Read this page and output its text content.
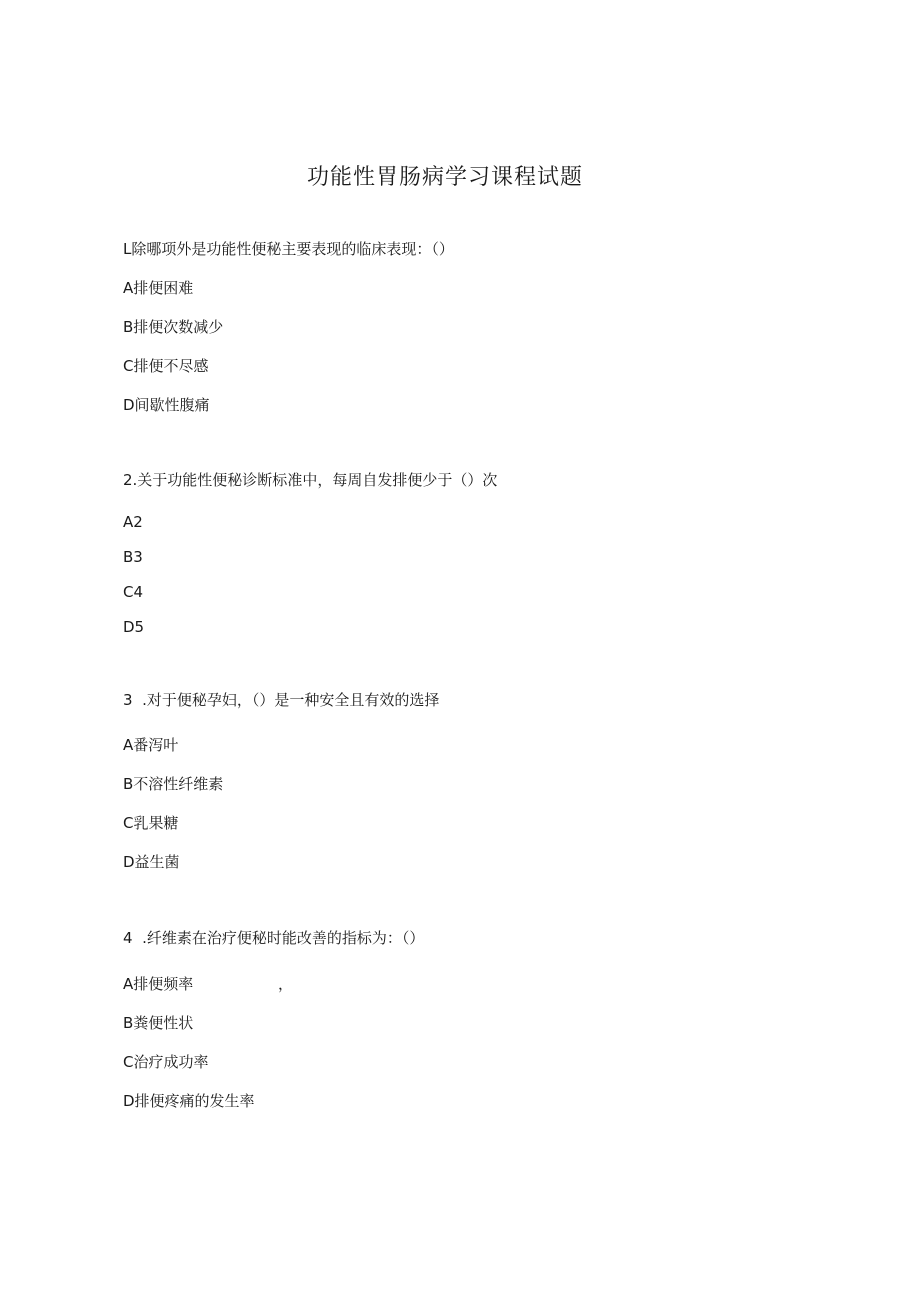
功能性胃肠病学习课程试题
L除哪项外是功能性便秘主要表现的临床表现：（）
A排便困难
B排便次数减少
C排便不尽感
D间歇性腹痛
2.关于功能性便秘诊断标准中，每周自发排便少于（）次
A2
B3
C4
D5
3  .对于便秘孕妇，（）是一种安全且有效的选择
A番泻叶
B不溶性纤维素
C乳果糖
D益生菌
4  .纤维素在治疗便秘时能改善的指标为：（）
A排便频率	，
B粪便性状
C治疗成功率
D排便疼痛的发生率
